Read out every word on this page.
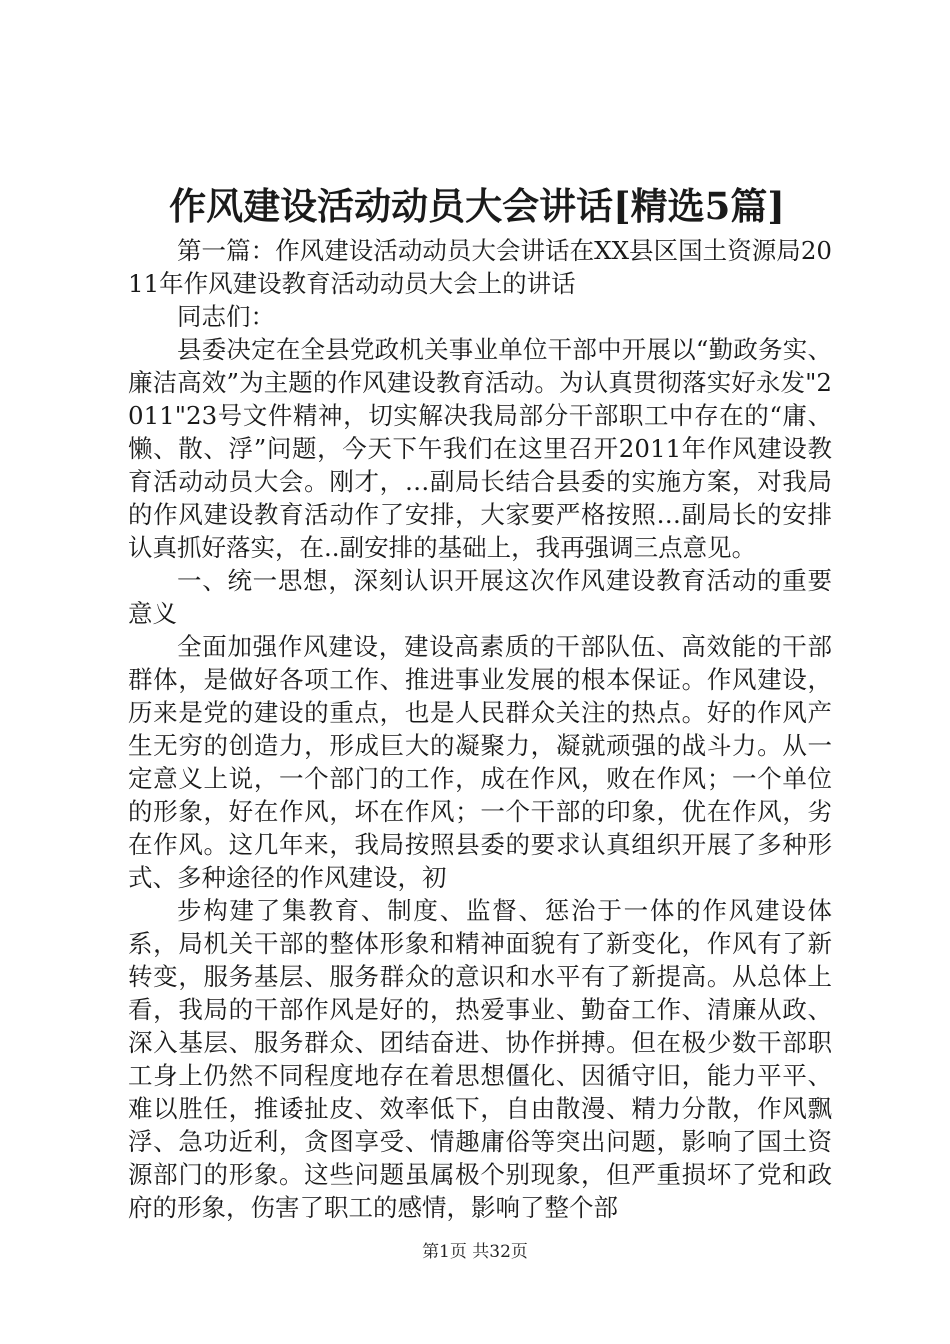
作风建设活动动员大会讲话[精选5篇]

第一篇：作风建设活动动员大会讲话在XX县区国土资源局2011年作风建设教育活动动员大会上的讲话

同志们：

县委决定在全县党政机关事业单位干部中开展以“勤政务实、廉洁高效”为主题的作风建设教育活动。为认真贯彻落实好永发"2011"23号文件精神，切实解决我局部分干部职工中存在的“庸、懒、散、浮”问题，今天下午我们在这里召开2011年作风建设教育活动动员大会。刚才，…副局长结合县委的实施方案，对我局的作风建设教育活动作了安排，大家要严格按照…副局长的安排认真抓好落实，在..副安排的基础上，我再强调三点意见。

一、统一思想，深刻认识开展这次作风建设教育活动的重要意义

全面加强作风建设，建设高素质的干部队伍、高效能的干部群体，是做好各项工作、推进事业发展的根本保证。作风建设，历来是党的建设的重点，也是人民群众关注的热点。好的作风产生无穷的创造力，形成巨大的凝聚力，凝就顽强的战斗力。从一定意义上说，一个部门的工作，成在作风，败在作风；一个单位的形象，好在作风，坏在作风；一个干部的印象，优在作风，劣在作风。这几年来，我局按照县委的要求认真组织开展了多种形式、多种途径的作风建设，初

步构建了集教育、制度、监督、惩治于一体的作风建设体系，局机关干部的整体形象和精神面貌有了新变化，作风有了新转变，服务基层、服务群众的意识和水平有了新提高。从总体上看，我局的干部作风是好的，热爱事业、勤奋工作、清廉从政、深入基层、服务群众、团结奋进、协作拼搏。但在极少数干部职工身上仍然不同程度地存在着思想僵化、因循守旧，能力平平、难以胜任，推诿扯皮、效率低下，自由散漫、精力分散，作风飘浮、急功近利，贪图享受、情趣庸俗等突出问题，影响了国土资源部门的形象。这些问题虽属极个别现象，但严重损坏了党和政府的形象，伤害了职工的感情，影响了整个部

第1页 共32页
